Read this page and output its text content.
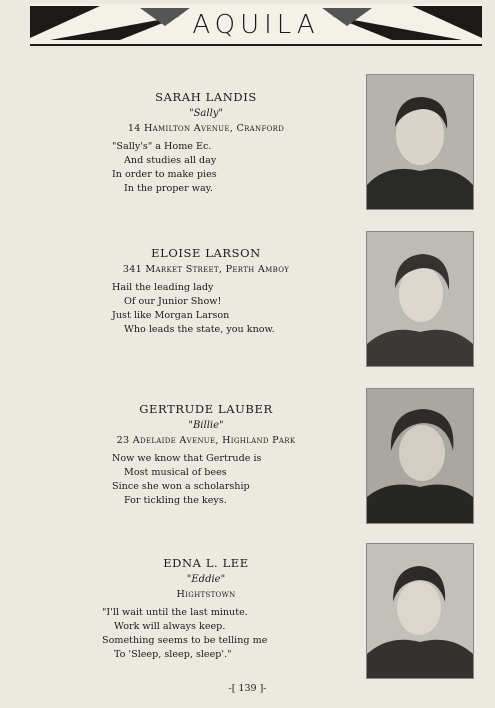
AQUILA
SARAH LANDIS
"Sally"
14 Hamilton Avenue, Cranford
"Sally's" a Home Ec.
And studies all day
In order to make pies
In the proper way.
ELOISE LARSON
341 Market Street, Perth Amboy
Hail the leading lady
Of our Junior Show!
Just like Morgan Larson
Who leads the state, you know.
GERTRUDE LAUBER
"Billie"
23 Adelaide Avenue, Highland Park
Now we know that Gertrude is
Most musical of bees
Since she won a scholarship
For tickling the keys.
EDNA L. LEE
"Eddie"
Hightstown
"I'll wait until the last minute.
Work will always keep.
Something seems to be telling me
To 'Sleep, sleep, sleep'."
-[ 139 ]-
